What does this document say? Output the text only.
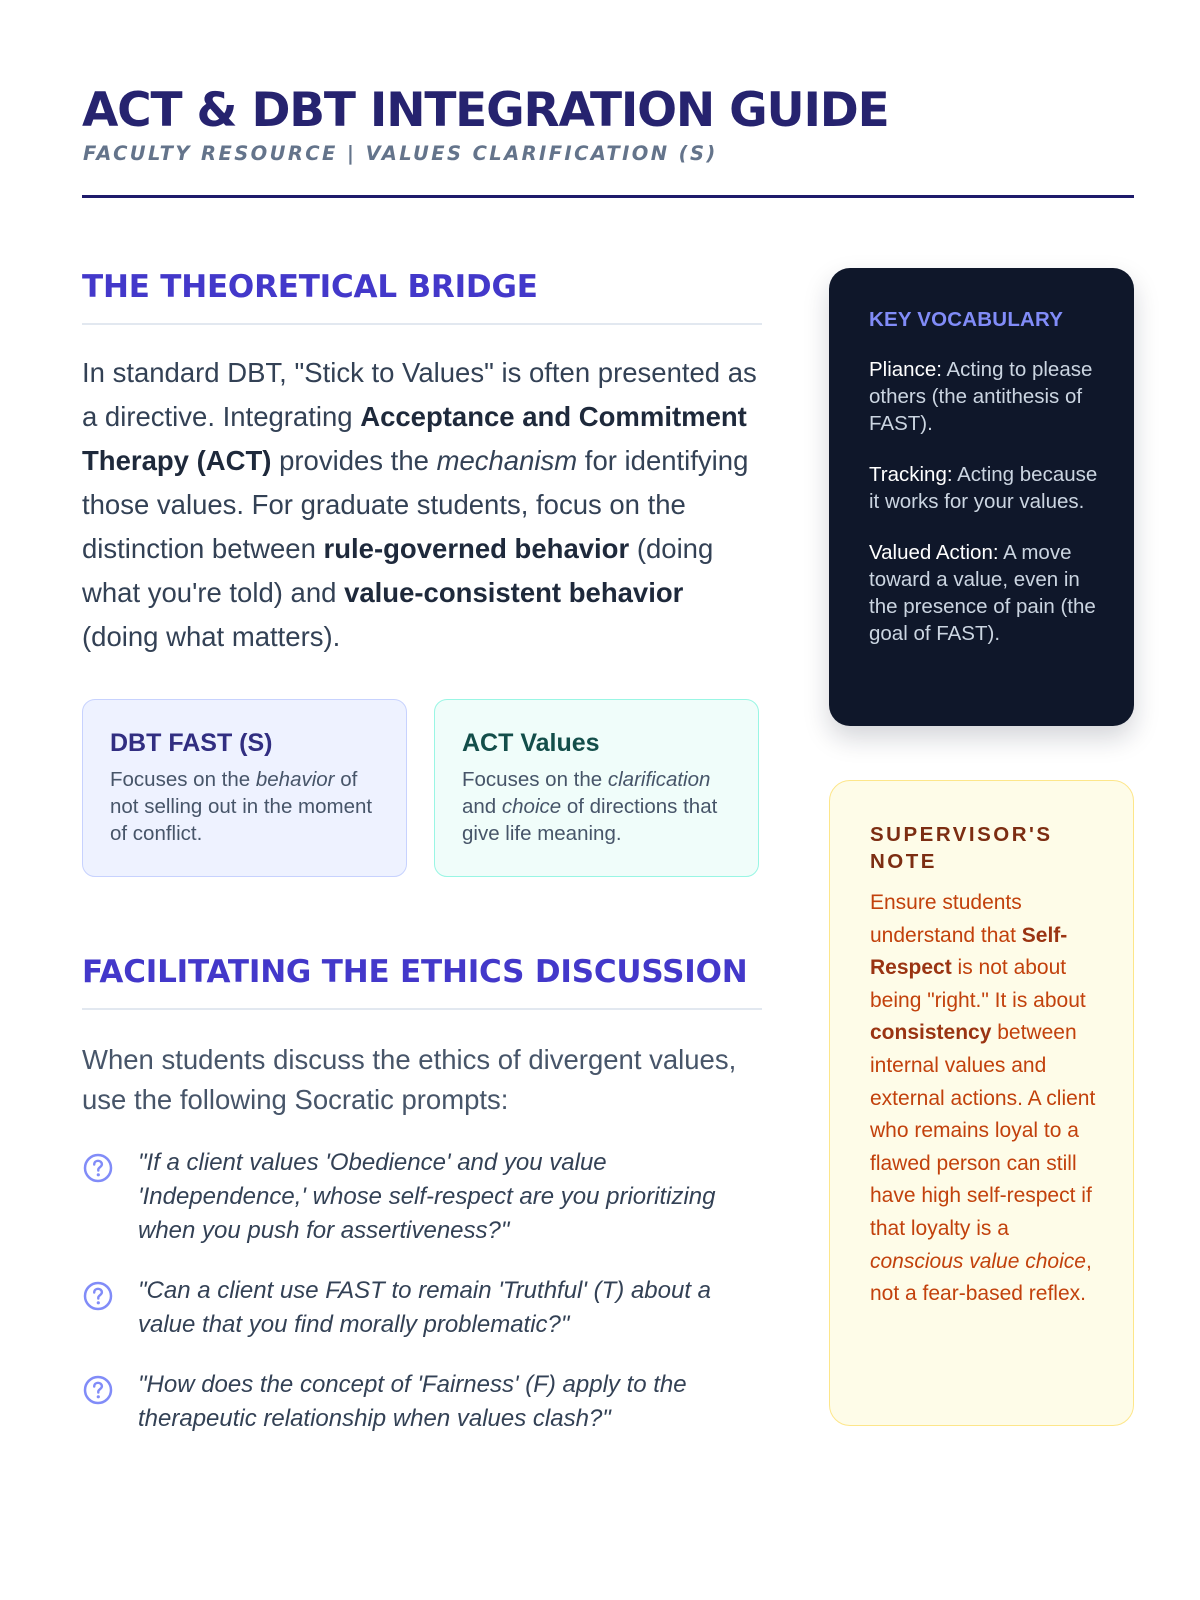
ACT & DBT INTEGRATION GUIDE
FACULTY RESOURCE | VALUES CLARIFICATION (S)
THE THEORETICAL BRIDGE

In standard DBT, "Stick to Values" is often presented as a directive. Integrating Acceptance and Commitment Therapy (ACT) provides the mechanism for identifying those values. For graduate students, focus on the distinction between rule-governed behavior (doing what you're told) and value-consistent behavior (doing what matters).

DBT FAST (S)

Focuses on the behavior of not selling out in the moment of conflict.

ACT Values

Focuses on the clarification and choice of directions that give life meaning.

FACILITATING THE ETHICS DISCUSSION

When students discuss the ethics of divergent values, use the following Socratic prompts:

"If a client values 'Obedience' and you value 'Independence,' whose self-respect are you prioritizing when you push for assertiveness?"
"Can a client use FAST to remain 'Truthful' (T) about a value that you find morally problematic?"
"How does the concept of 'Fairness' (F) apply to the therapeutic relationship when values clash?"
KEY VOCABULARY

Pliance: Acting to please others (the antithesis of FAST).

Tracking: Acting because it works for your values.

Valued Action: A move toward a value, even in the presence of pain (the goal of FAST).

SUPERVISOR'S NOTE

Ensure students understand that Self-Respect is not about being "right." It is about consistency between internal values and external actions. A client who remains loyal to a flawed person can still have high self-respect if that loyalty is a conscious value choice, not a fear-based reflex.
